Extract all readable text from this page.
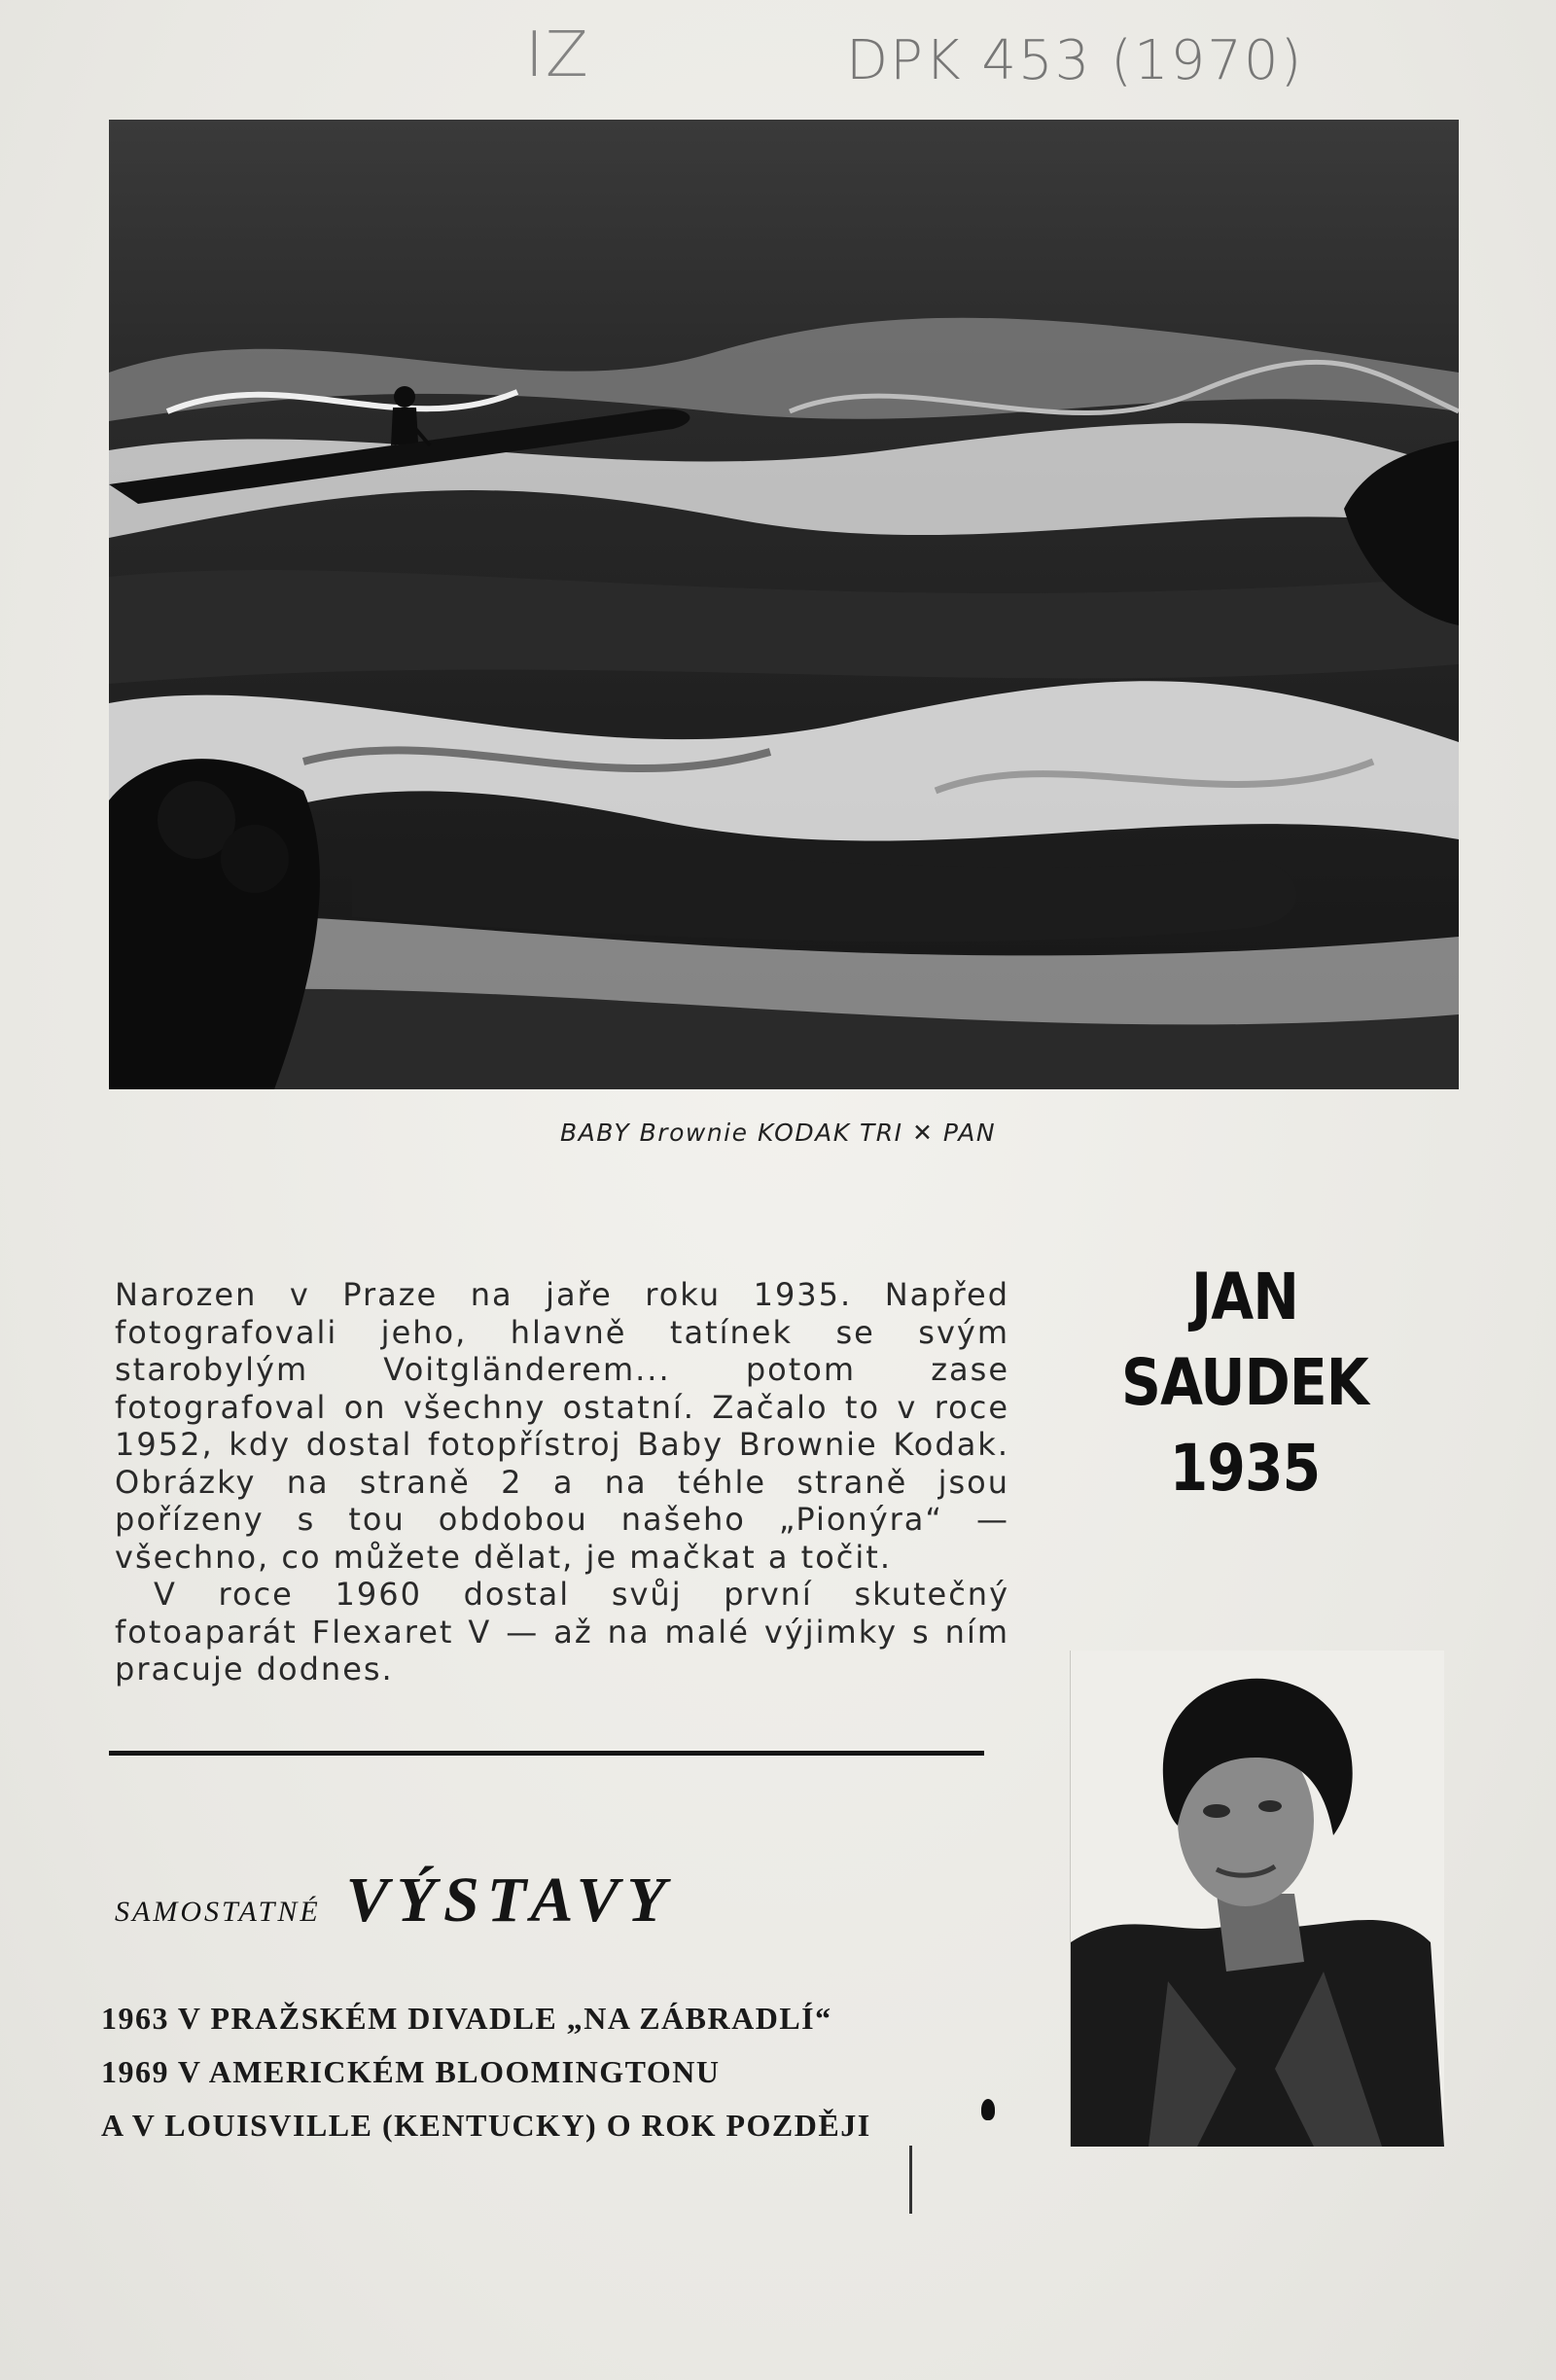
IZ	DPK 453 (1970)
BABY Brownie KODAK TRI ✕ PAN

Narozen v Praze na jaře roku 1935. Napřed fotografovali jeho, hlavně tatínek se svým starobylým Voitgländerem... potom zase fotografoval on všechny ostatní. Začalo to v roce 1952, kdy dostal fotopřístroj Baby Brownie Kodak. Obrázky na straně 2 a na téhle straně jsou pořízeny s tou obdobou našeho „Pionýra“ — všechno, co můžete dělat, je mačkat a točit.

V roce 1960 dostal svůj první skutečný fotoaparát Flexaret V — až na malé výjimky s ním pracuje dodnes.

JAN
SAUDEK
1935
SAMOSTATNÉ VÝSTAVY
1963 V PRAŽSKÉM DIVADLE „NA ZÁBRADLÍ“
1969 V AMERICKÉM BLOOMINGTONU
A V LOUISVILLE (KENTUCKY) O ROK POZDĚJI
